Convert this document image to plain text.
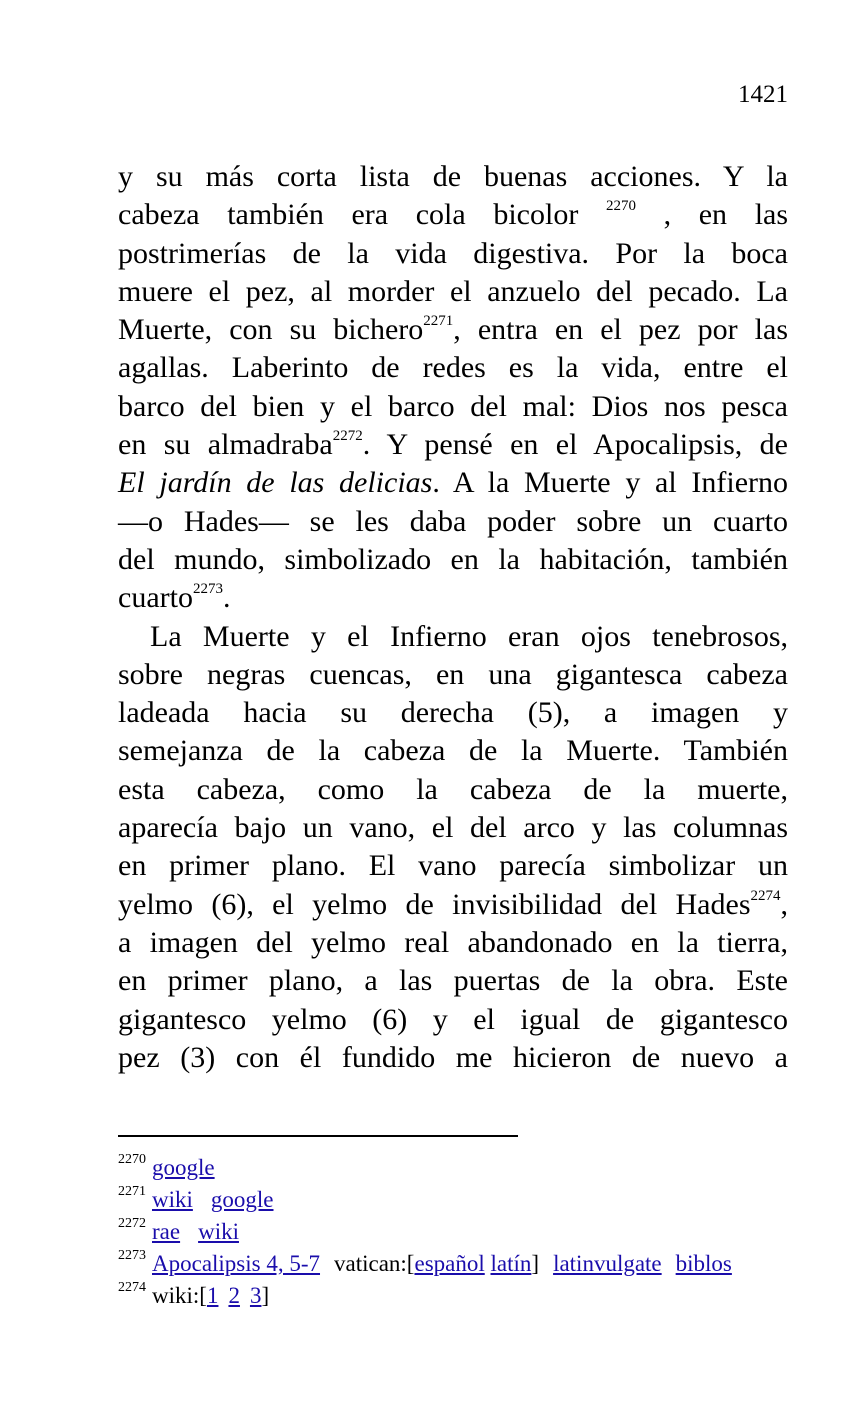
1421
y su más corta lista de buenas acciones. Y la
cabeza también era cola bicolor $^{2270}$ , en las
postrimerías de la vida digestiva. Por la boca
muere el pez, al morder el anzuelo del pecado. La
Muerte, con su bichero$^{2271}$, entra en el pez por las
agallas. Laberinto de redes es la vida, entre el
barco del bien y el barco del mal: Dios nos pesca
en su almadraba$^{2272}$. Y pensé en el Apocalipsis, de
El jardín de las delicias. A la Muerte y al Infierno
—o Hades— se les daba poder sobre un cuarto
del mundo, simbolizado en la habitación, también
cuarto$^{2273}$.
La Muerte y el Infierno eran ojos tenebrosos,
sobre negras cuencas, en una gigantesca cabeza
ladeada hacia su derecha (5), a imagen y
semejanza de la cabeza de la Muerte. También
esta cabeza, como la cabeza de la muerte,
aparecía bajo un vano, el del arco y las columnas
en primer plano. El vano parecía simbolizar un
yelmo (6), el yelmo de invisibilidad del Hades$^{2274}$,
a imagen del yelmo real abandonado en la tierra,
en primer plano, a las puertas de la obra. Este
gigantesco yelmo (6) y el igual de gigantesco
pez (3) con él fundido me hicieron de nuevo a
$^{2270}$ google
$^{2271}$ wiki google
$^{2272}$ rae wiki
$^{2273}$ Apocalipsis 4, 5-7 vatican:[español latín] latinvulgate biblos
$^{2274}$ wiki:[1 2 3]
